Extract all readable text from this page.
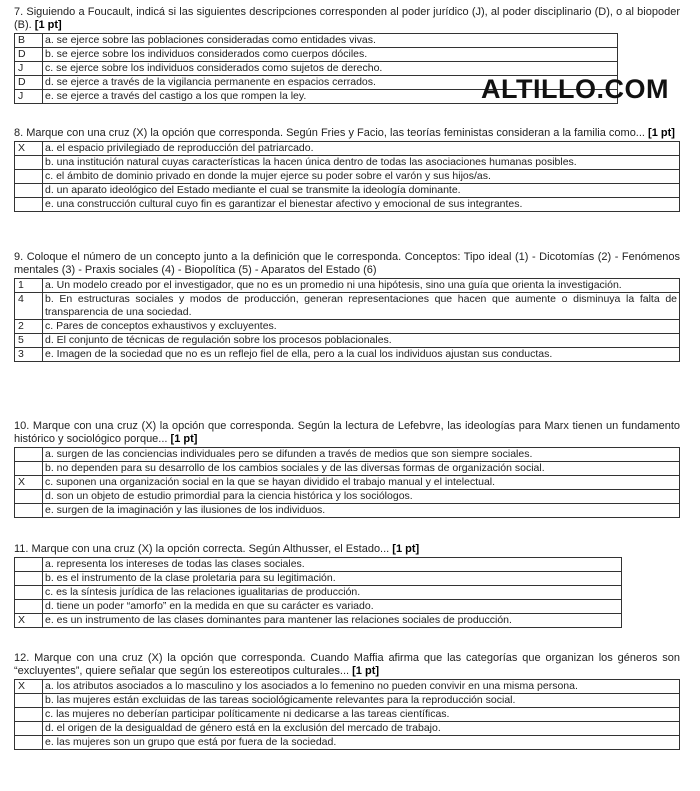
7. Siguiendo a Foucault, indicá si las siguientes descripciones corresponden al poder jurídico (J), al poder disciplinario (D), o al biopoder (B). [1 pt]

B	a. se ejerce sobre las poblaciones consideradas como entidades vivas.
D	b. se ejerce sobre los individuos considerados como cuerpos dóciles.
J	c. se ejerce sobre los individuos considerados como sujetos de derecho.
D	d. se ejerce a través de la vigilancia permanente en espacios cerrados.
J	e. se ejerce a través del castigo a los que rompen la ley.	ALTILLO.COM

8. Marque con una cruz (X) la opción que corresponda. Según Fries y Facio, las teorías feministas consideran a la familia como... [1 pt]

X	a. el espacio privilegiado de reproducción del patriarcado.
	b. una institución natural cuyas características la hacen única dentro de todas las asociaciones humanas posibles.
	c. el ámbito de dominio privado en donde la mujer ejerce su poder sobre el varón y sus hijos/as.
	d. un aparato ideológico del Estado mediante el cual se transmite la ideología dominante.
	e. una construcción cultural cuyo fin es garantizar el bienestar afectivo y emocional de sus integrantes.

9. Coloque el número de un concepto junto a la definición que le corresponda. Conceptos: Tipo ideal (1) - Dicotomías (2) - Fenómenos mentales (3) - Praxis sociales (4) - Biopolítica (5) - Aparatos del Estado (6)

1	a. Un modelo creado por el investigador, que no es un promedio ni una hipótesis, sino una guía que orienta la investigación.
4	b. En estructuras sociales y modos de producción, generan representaciones que hacen que aumente o disminuya la falta de transparencia de una sociedad.
2	c. Pares de conceptos exhaustivos y excluyentes.
5	d. El conjunto de técnicas de regulación sobre los procesos poblacionales.
3	e. Imagen de la sociedad que no es un reflejo fiel de ella, pero a la cual los individuos ajustan sus conductas.

10. Marque con una cruz (X) la opción que corresponda. Según la lectura de Lefebvre, las ideologías para Marx tienen un fundamento histórico y sociológico porque... [1 pt]

	a. surgen de las conciencias individuales pero se difunden a través de medios que son siempre sociales.
	b. no dependen para su desarrollo de los cambios sociales y de las diversas formas de organización social.
X	c. suponen una organización social en la que se hayan dividido el trabajo manual y el intelectual.
	d. son un objeto de estudio primordial para la ciencia histórica y los sociólogos.
	e. surgen de la imaginación y las ilusiones de los individuos.

11. Marque con una cruz (X) la opción correcta. Según Althusser, el Estado... [1 pt]

	a. representa los intereses de todas las clases sociales.
	b. es el instrumento de la clase proletaria para su legitimación.
	c. es la síntesis jurídica de las relaciones igualitarias de producción.
	d. tiene un poder “amorfo” en la medida en que su carácter es variado.
X	e. es un instrumento de las clases dominantes para mantener las relaciones sociales de producción.

12. Marque con una cruz (X) la opción que corresponda. Cuando Maffia afirma que las categorías que organizan los géneros son “excluyentes”, quiere señalar que según los estereotipos culturales... [1 pt]

X	a. los atributos asociados a lo masculino y los asociados a lo femenino no pueden convivir en una misma persona.
	b. las mujeres están excluidas de las tareas sociológicamente relevantes para la reproducción social.
	c. las mujeres no deberían participar políticamente ni dedicarse a las tareas científicas.
	d. el origen de la desigualdad de género está en la exclusión del mercado de trabajo.
	e. las mujeres son un grupo que está por fuera de la sociedad.
